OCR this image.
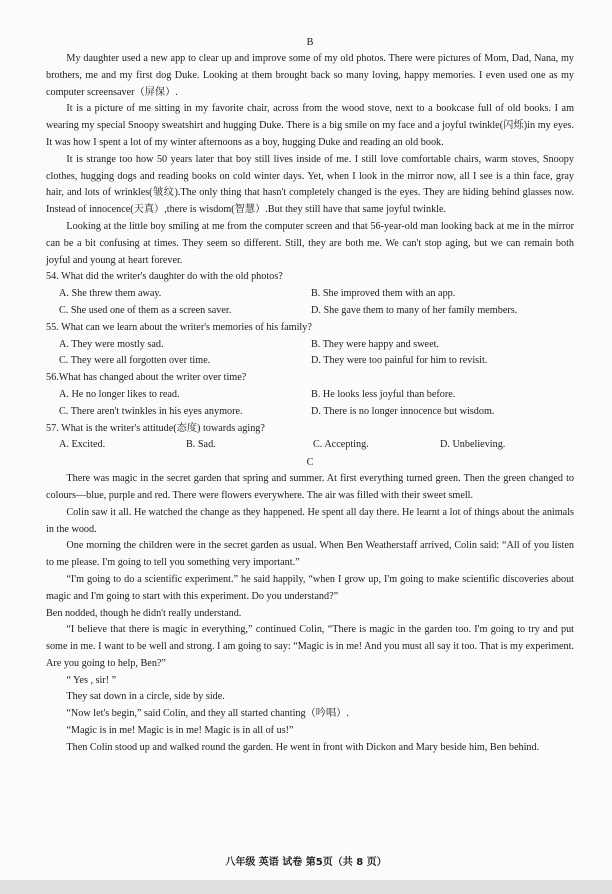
B

My daughter used a new app to clear up and improve some of my old photos. There were pictures of Mom, Dad, Nana, my brothers, me and my first dog Duke. Looking at them brought back so many loving, happy memories. I even used one as my computer screensaver（屏保）.

It is a picture of me sitting in my favorite chair, across from the wood stove, next to a bookcase full of old books. I am wearing my special Snoopy sweatshirt and hugging Duke. There is a big smile on my face and a joyful twinkle(闪烁)in my eyes. It was how I spent a lot of my winter afternoons as a boy, hugging Duke and reading an old book.

It is strange too how 50 years later that boy still lives inside of me. I still love comfortable chairs, warm stoves, Snoopy clothes, hugging dogs and reading books on cold winter days. Yet, when I look in the mirror now, all I see is a thin face, gray hair, and lots of wrinkles(皱纹).The only thing that hasn't completely changed is the eyes. They are hiding behind glasses now. Instead of innocence(天真）,there is wisdom(智慧）.But they still have that same joyful twinkle.

Looking at the little boy smiling at me from the computer screen and that 56-year-old man looking back at me in the mirror can be a bit confusing at times. They seem so different. Still, they are both me. We can't stop aging, but we can remain both joyful and young at heart forever.

54. What did the writer's daughter do with the old photos?

A. She threw them away.	B. She improved them with an app.

C. She used one of them as a screen saver.	D. She gave them to many of her family members.

55. What can we learn about the writer's memories of his family?

A. They were mostly sad.	B. They were happy and sweet.

C. They were all forgotten over time.	D. They were too painful for him to revisit.

56.What has changed about the writer over time?

A. He no longer likes to read.	B. He looks less joyful than before.

C. There aren't twinkles in his eyes anymore.	D. There is no longer innocence but wisdom.

57. What is the writer's attitude(态度) towards aging?

A. Excited.	B. Sad.	C. Accepting.	D. Unbelieving.

C

There was magic in the secret garden that spring and summer. At first everything turned green. Then the green changed to colours—blue, purple and red. There were flowers everywhere. The air was filled with their sweet smell.

Colin saw it all. He watched the change as they happened. He spent all day there. He learnt a lot of things about the animals in the wood.

One morning the children were in the secret garden as usual. When Ben Weatherstaff arrived, Colin said: “All of you listen to me please. I'm going to tell you something very important.”

“I'm going to do a scientific experiment.” he said happily, “when I grow up, I'm going to make scientific discoveries about magic and I'm going to start with this experiment. Do you understand?”

Ben nodded, though he didn't really understand.

“I believe that there is magic in everything,” continued Colin, “There is magic in the garden too. I'm going to try and put some in me. I want to be well and strong. I am going to say: “Magic is in me! And you must all say it too. That is my experiment. Are you going to help, Ben?”

“ Yes , sir! ”

They sat down in a circle, side by side.

“Now let's begin,” said Colin, and they all started chanting（吟唱）.

“Magic is in me! Magic is in me! Magic is in all of us!”

Then Colin stood up and walked round the garden. He went in front with Dickon and Mary beside him, Ben behind.

八年级 英语 试卷 第5页（共 8 页）
